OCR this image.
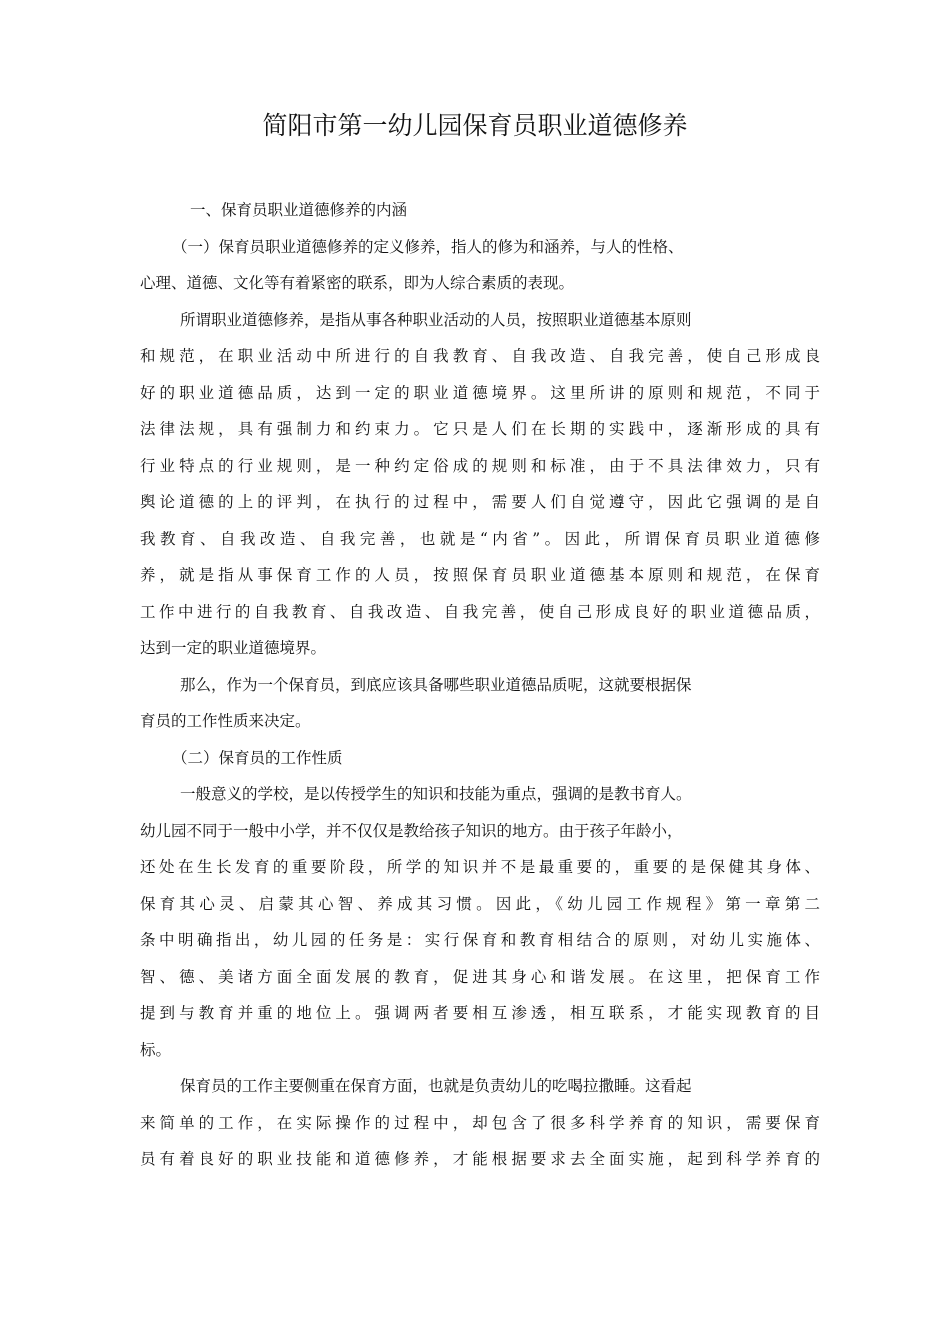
简阳市第一幼儿园保育员职业道德修养
一、保育员职业道德修养的内涵
（一）保育员职业道德修养的定义修养，指人的修为和涵养，与人的性格、
心理、道德、文化等有着紧密的联系，即为人综合素质的表现。
所谓职业道德修养，是指从事各种职业活动的人员，按照职业道德基本原则
和规范，在职业活动中所进行的自我教育、自我改造、自我完善，使自己形成良
好的职业道德品质，达到一定的职业道德境界。这里所讲的原则和规范，不同于
法律法规，具有强制力和约束力。它只是人们在长期的实践中，逐渐形成的具有
行业特点的行业规则，是一种约定俗成的规则和标准，由于不具法律效力，只有
舆论道德的上的评判，在执行的过程中，需要人们自觉遵守，因此它强调的是自
我教育、自我改造、自我完善，也就是“内省”。因此，所谓保育员职业道德修
养，就是指从事保育工作的人员，按照保育员职业道德基本原则和规范，在保育
工作中进行的自我教育、自我改造、自我完善，使自己形成良好的职业道德品质，
达到一定的职业道德境界。
那么，作为一个保育员，到底应该具备哪些职业道德品质呢，这就要根据保
育员的工作性质来决定。
（二）保育员的工作性质
一般意义的学校，是以传授学生的知识和技能为重点，强调的是教书育人。
幼儿园不同于一般中小学，并不仅仅是教给孩子知识的地方。由于孩子年龄小，
还处在生长发育的重要阶段，所学的知识并不是最重要的，重要的是保健其身体、
保育其心灵、启蒙其心智、养成其习惯。因此，《幼儿园工作规程》第一章第二
条中明确指出，幼儿园的任务是：实行保育和教育相结合的原则，对幼儿实施体、
智、德、美诸方面全面发展的教育，促进其身心和谐发展。在这里，把保育工作
提到与教育并重的地位上。强调两者要相互渗透，相互联系，才能实现教育的目
标。
保育员的工作主要侧重在保育方面，也就是负责幼儿的吃喝拉撒睡。这看起
来简单的工作，在实际操作的过程中，却包含了很多科学养育的知识，需要保育
员有着良好的职业技能和道德修养，才能根据要求去全面实施，起到科学养育的
